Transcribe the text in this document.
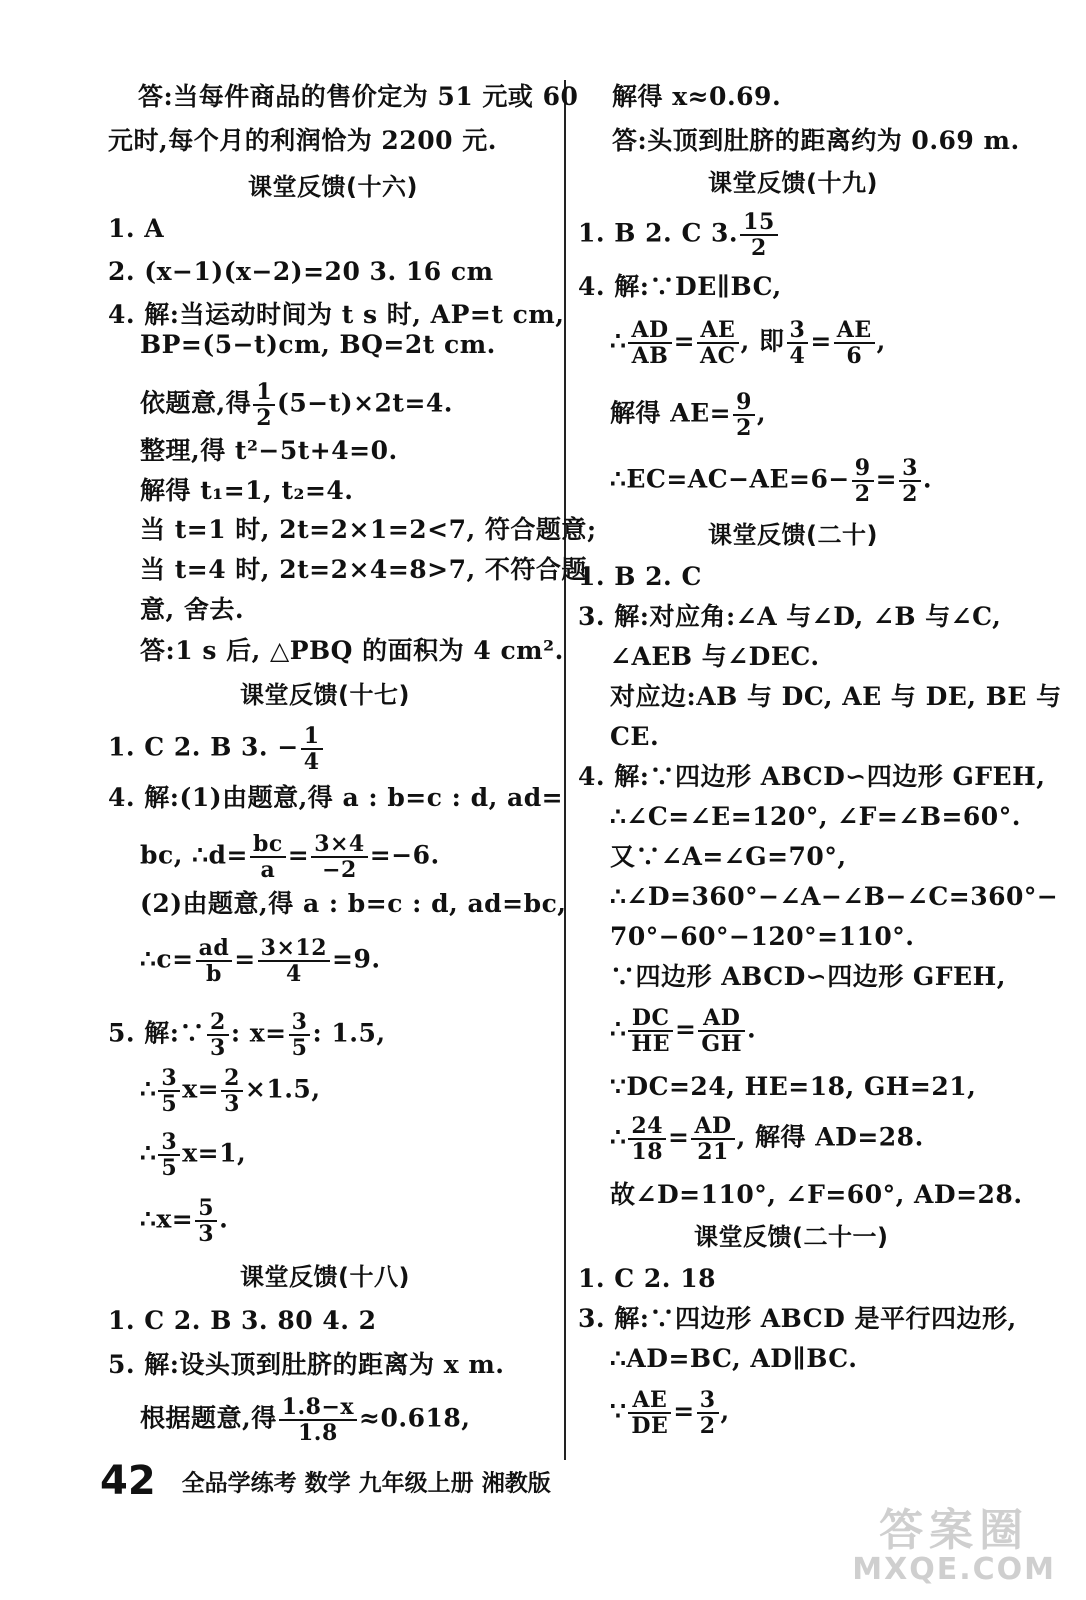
答:当每件商品的售价定为 51 元或 60
元时,每个月的利润恰为 2200 元.
课堂反馈(十六)
1. A
2. (x−1)(x−2)=20 3. 16 cm
4. 解:当运动时间为 t s 时, AP=t cm,
BP=(5−t)cm, BQ=2t cm.
依题意,得 $\frac{1}{2} (5-t)\times 2t=4$.
整理,得 t²−5t+4=0.
解得 t₁=1, t₂=4.
当 t=1 时, 2t=2×1=2<7, 符合题意;
当 t=4 时, 2t=2×4=8>7, 不符合题
意, 舍去.
答:1 s 后, △PBQ 的面积为 4 cm².
课堂反馈(十七)
1. C 2. B 3. − $\frac{1}{4}$
4. 解:(1)由题意,得 a : b=c : d, ad=
bc, ∴d= $\frac{bc}{a} = \frac{3\times 4}{-2} =-6$.
(2)由题意,得 a : b=c : d, ad=bc,
∴c= $\frac{ad}{b} = \frac{3\times 12}{4} =9$.
5. 解:∵ $\frac{2}{3}$ : $x= \frac{3}{5}$ : 1.5,
∴ $\frac{3}{5} x= \frac{2}{3} \times 1.5$,
∴ $\frac{3}{5} x=1$,
∴x= $\frac{5}{3}$ .
课堂反馈(十八)
1. C 2. B 3. 80 4. 2
5. 解:设头顶到肚脐的距离为 x m.
根据题意,得 $\frac{1.8-x}{1.8} \approx 0.618$,
解得 x≈0.69.
答:头顶到肚脐的距离约为 0.69 m.
课堂反馈(十九)
1. B 2. C 3. $\frac{15}{2}$
4. 解:∵DE∥BC,
∴ $\frac{AD}{AB} = \frac{AE}{AC}$ , 即 $\frac{3}{4} = \frac{AE}{6}$ ,
解得 $AE= \frac{9}{2}$ ,
∴EC=AC−AE=6− $\frac{9}{2} = \frac{3}{2}$ .
课堂反馈(二十)
1. B 2. C
3. 解:对应角:∠A 与∠D, ∠B 与∠C,
∠AEB 与∠DEC.
对应边:AB 与 DC, AE 与 DE, BE 与
CE.
4. 解:∵四边形 ABCD∽四边形 GFEH,
∴∠C=∠E=120°, ∠F=∠B=60°.
又∵∠A=∠G=70°,
∴∠D=360°−∠A−∠B−∠C=360°−
70°−60°−120°=110°.
∵四边形 ABCD∽四边形 GFEH,
∴ $\frac{DC}{HE} = \frac{AD}{GH}$ .
∵DC=24, HE=18, GH=21,
∴ $\frac{24}{18} = \frac{AD}{21}$ , 解得 AD=28.
故∠D=110°, ∠F=60°, AD=28.
课堂反馈(二十一)
1. C 2. 18
3. 解:∵四边形 ABCD 是平行四边形,
∴AD=BC, AD∥BC.
∵ $\frac{AE}{DE} = \frac{3}{2}$ ,
42 全品学练考 数学 九年级上册 湘教版
答案圈
MXQE.COM
